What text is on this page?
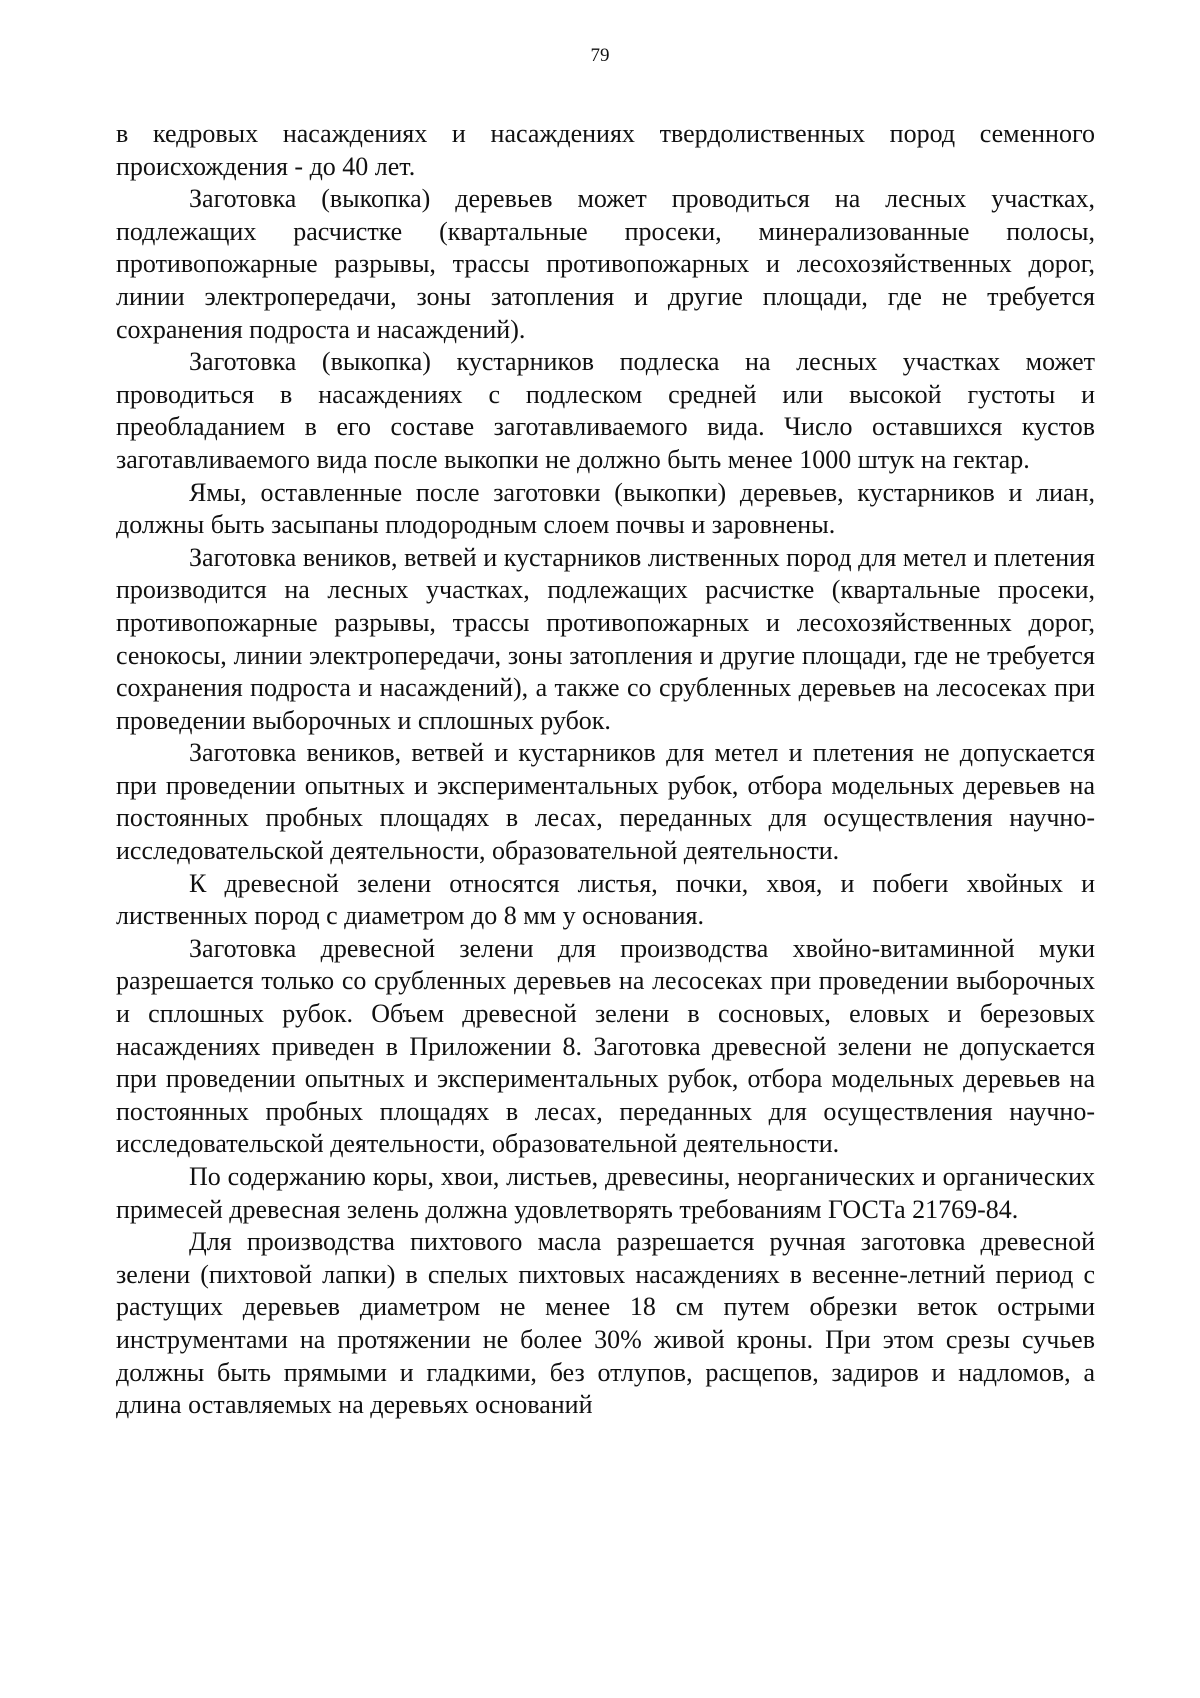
79

в кедровых насаждениях и насаждениях твердолиственных пород семенного происхождения - до 40 лет.

Заготовка (выкопка) деревьев может проводиться на лесных участках, подлежащих расчистке (квартальные просеки, минерализованные полосы, противопожарные разрывы, трассы противопожарных и лесохозяйственных дорог, линии электропередачи, зоны затопления и другие площади, где не требуется сохранения подроста и насаждений).

Заготовка (выкопка) кустарников подлеска на лесных участках может проводиться в насаждениях с подлеском средней или высокой густоты и преобладанием в его составе заготавливаемого вида. Число оставшихся кустов заготавливаемого вида после выкопки не должно быть менее 1000 штук на гектар.

Ямы, оставленные после заготовки (выкопки) деревьев, кустарников и лиан, должны быть засыпаны плодородным слоем почвы и заровнены.

Заготовка веников, ветвей и кустарников лиственных пород для метел и плетения производится на лесных участках, подлежащих расчистке (квартальные просеки, противопожарные разрывы, трассы противопожарных и лесохозяйственных дорог, сенокосы, линии электропередачи, зоны затопления и другие площади, где не требуется сохранения подроста и насаждений), а также со срубленных деревьев на лесосеках при проведении выборочных и сплошных рубок.

Заготовка веников, ветвей и кустарников для метел и плетения не допускается при проведении опытных и экспериментальных рубок, отбора модельных деревьев на постоянных пробных площадях в лесах, переданных для осуществления научно-исследовательской деятельности, образовательной деятельности.

К древесной зелени относятся листья, почки, хвоя, и побеги хвойных и лиственных пород с диаметром до 8 мм у основания.

Заготовка древесной зелени для производства хвойно-витаминной муки разрешается только со срубленных деревьев на лесосеках при проведении выборочных и сплошных рубок. Объем древесной зелени в сосновых, еловых и березовых насаждениях приведен в Приложении 8. Заготовка древесной зелени не допускается при проведении опытных и экспериментальных рубок, отбора модельных деревьев на постоянных пробных площадях в лесах, переданных для осуществления научно-исследовательской деятельности, образовательной деятельности.

По содержанию коры, хвои, листьев, древесины, неорганических и органических примесей древесная зелень должна удовлетворять требованиям ГОСТа 21769-84.

Для производства пихтового масла разрешается ручная заготовка древесной зелени (пихтовой лапки) в спелых пихтовых насаждениях в весенне-летний период с растущих деревьев диаметром не менее 18 см путем обрезки веток острыми инструментами на протяжении не более 30% живой кроны. При этом срезы сучьев должны быть прямыми и гладкими, без отлупов, расщепов, задиров и надломов, а длина оставляемых на деревьях оснований
